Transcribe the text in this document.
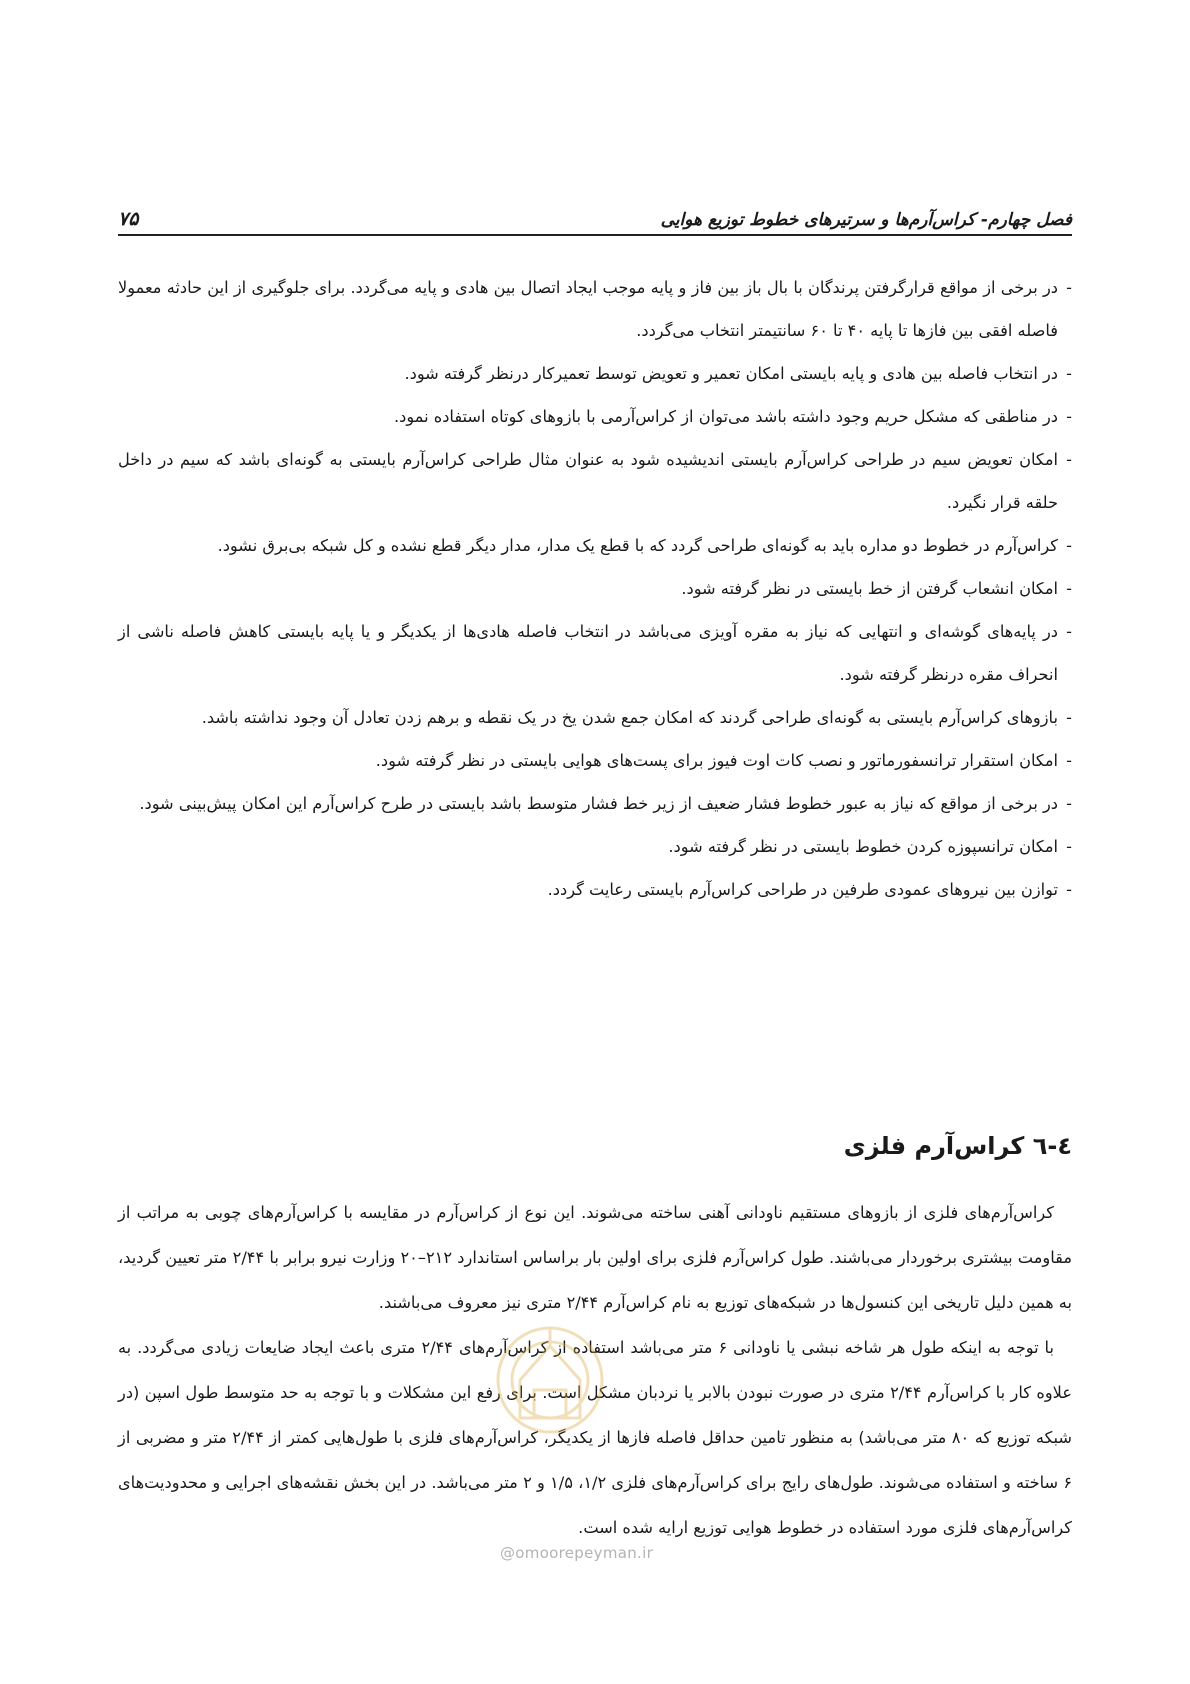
۷۵	فصل چهارم- کراس‌آرم‌ها و سرتیرهای خطوط توزیع هوایی

-
در برخی از مواقع قرارگرفتن پرندگان با بال باز بین فاز و پایه موجب ایجاد اتصال بین هادی و پایه می‌گردد. برای جلوگیری از این حادثه معمولا فاصله افقی بین فازها تا پایه ۴۰ تا ۶۰ سانتیمتر انتخاب می‌گردد.

-
در انتخاب فاصله بین هادی و پایه بایستی امکان تعمیر و تعویض توسط تعمیرکار درنظر گرفته شود.

-
در مناطقی که مشکل حریم وجود داشته باشد می‌توان از کراس‌آرمی با بازوهای کوتاه استفاده نمود.

-
امکان تعویض سیم در طراحی کراس‌آرم بایستی اندیشیده شود به عنوان مثال طراحی کراس‌آرم بایستی به گونه‌ای باشد که سیم در داخل حلقه قرار نگیرد.

-
کراس‌آرم در خطوط دو مداره باید به گونه‌ای طراحی گردد که با قطع یک مدار، مدار دیگر قطع نشده و کل شبکه بی‌برق نشود.

-
امکان انشعاب گرفتن از خط بایستی در نظر گرفته شود.

-
در پایه‌های گوشه‌ای و انتهایی که نیاز به مقره آویزی می‌باشد در انتخاب فاصله هادی‌ها از یکدیگر و یا پایه بایستی کاهش فاصله ناشی از انحراف مقره درنظر گرفته شود.

-
بازوهای کراس‌آرم بایستی به گونه‌ای طراحی گردند که امکان جمع شدن یخ در یک نقطه و برهم زدن تعادل آن وجود نداشته باشد.

-
امکان استقرار ترانسفورماتور و نصب کات اوت فیوز برای پست‌های هوایی بایستی در نظر گرفته شود.

-
در برخی از مواقع که نیاز به عبور خطوط فشار ضعیف از زیر خط فشار متوسط باشد بایستی در طرح کراس‌آرم این امکان پیش‌بینی شود.

-
امکان ترانسپوزه کردن خطوط بایستی در نظر گرفته شود.

-
توازن بین نیروهای عمودی طرفین در طراحی کراس‌آرم بایستی رعایت گردد.

٤-٦ کراس‌آرم فلزی

کراس‌آرم‌های فلزی از بازوهای مستقیم ناودانی آهنی ساخته می‌شوند. این نوع از کراس‌آرم در مقایسه با کراس‌آرم‌های چوبی به مراتب از مقاومت بیشتری برخوردار می‌باشند. طول کراس‌آرم فلزی برای اولین بار براساس استاندارد ۲۱۲–۲۰ وزارت نیرو برابر با ۲/۴۴ متر تعیین گردید، به همین دلیل تاریخی این کنسول‌ها در شبکه‌های توزیع به نام کراس‌آرم ۲/۴۴ متری نیز معروف می‌باشند.

با توجه به اینکه طول هر شاخه نبشی یا ناودانی ۶ متر می‌باشد استفاده از کراس‌آرم‌های ۲/۴۴ متری باعث ایجاد ضایعات زیادی می‌گردد. به علاوه کار با کراس‌آرم ۲/۴۴ متری در صورت نبودن بالابر یا نردبان مشکل است. برای رفع این مشکلات و با توجه به حد متوسط طول اسپن (در شبکه توزیع که ۸۰ متر می‌باشد) به منظور تامین حداقل فاصله فازها از یکدیگر، کراس‌آرم‌های فلزی با طول‌هایی کمتر از ۲/۴۴ متر و مضربی از ۶ ساخته و استفاده می‌شوند. طول‌های رایج برای کراس‌آرم‌های فلزی ۱/۲، ۱/۵ و ۲ متر می‌باشد. در این بخش نقشه‌های اجرایی و محدودیت‌های کراس‌آرم‌های فلزی مورد استفاده در خطوط هوایی توزیع ارایه شده است.

@omoorepeyman.ir
